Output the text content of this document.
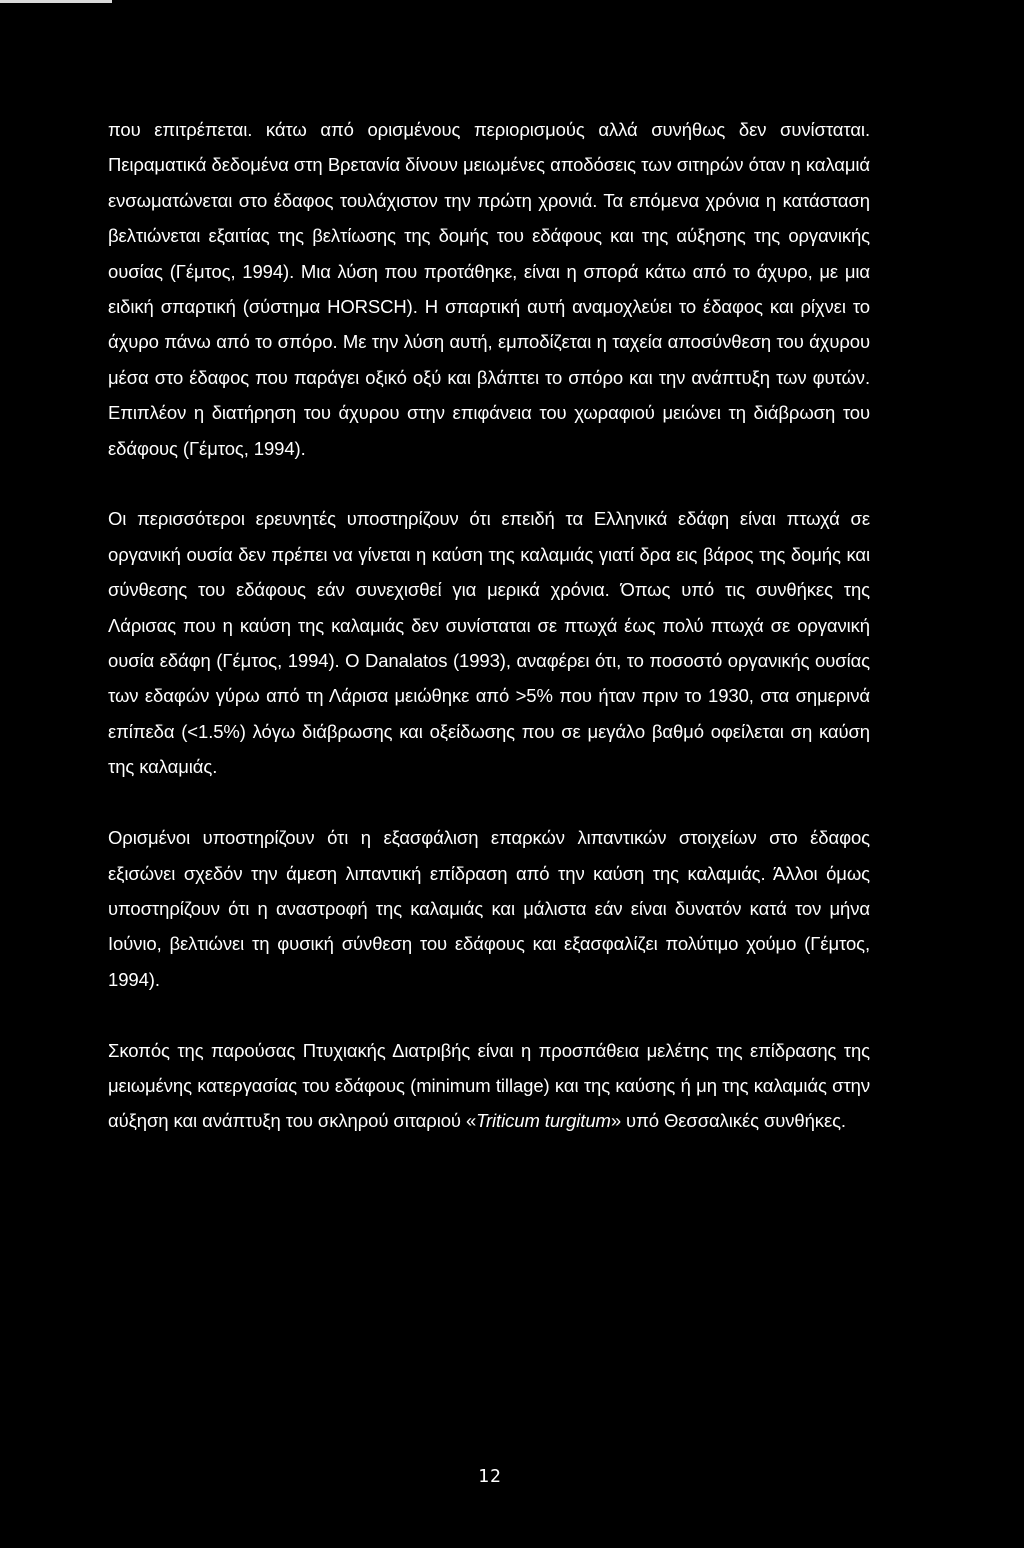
που επιτρέπεται. κάτω από ορισμένους περιορισμούς αλλά συνήθως δεν συνίσταται. Πειραματικά δεδομένα στη Βρετανία δίνουν μειωμένες αποδόσεις των σιτηρών όταν η καλαμιά ενσωματώνεται στο έδαφος τουλάχιστον την πρώτη χρονιά. Τα επόμενα χρόνια η κατάσταση βελτιώνεται εξαιτίας της βελτίωσης της δομής του εδάφους και της αύξησης της οργανικής ουσίας (Γέμτος, 1994). Μια λύση που προτάθηκε, είναι η σπορά κάτω από το άχυρο, με μια ειδική σπαρτική (σύστημα HORSCH). Η σπαρτική αυτή αναμοχλεύει το έδαφος και ρίχνει το άχυρο πάνω από το σπόρο. Με την λύση αυτή, εμποδίζεται η ταχεία αποσύνθεση του άχυρου μέσα στο έδαφος που παράγει οξικό οξύ και βλάπτει το σπόρο και την ανάπτυξη των φυτών. Επιπλέον η διατήρηση του άχυρου στην επιφάνεια του χωραφιού μειώνει τη διάβρωση του εδάφους (Γέμτος, 1994).

Οι περισσότεροι ερευνητές υποστηρίζουν ότι επειδή τα Ελληνικά εδάφη είναι πτωχά σε οργανική ουσία δεν πρέπει να γίνεται η καύση της καλαμιάς γιατί δρα εις βάρος της δομής και σύνθεσης του εδάφους εάν συνεχισθεί για μερικά χρόνια. Όπως υπό τις συνθήκες της Λάρισας που η καύση της καλαμιάς δεν συνίσταται σε πτωχά έως πολύ πτωχά σε οργανική ουσία εδάφη (Γέμτος, 1994). Ο Danalatos (1993), αναφέρει ότι, το ποσοστό οργανικής ουσίας των εδαφών γύρω από τη Λάρισα μειώθηκε από >5% που ήταν πριν το 1930, στα σημερινά επίπεδα (<1.5%) λόγω διάβρωσης και οξείδωσης που σε μεγάλο βαθμό οφείλεται ση καύση της καλαμιάς.

Ορισμένοι υποστηρίζουν ότι η εξασφάλιση επαρκών λιπαντικών στοιχείων στο έδαφος εξισώνει σχεδόν την άμεση λιπαντική επίδραση από την καύση της καλαμιάς. Άλλοι όμως υποστηρίζουν ότι η αναστροφή της καλαμιάς και μάλιστα εάν είναι δυνατόν κατά τον μήνα Ιούνιο, βελτιώνει τη φυσική σύνθεση του εδάφους και εξασφαλίζει πολύτιμο χούμο (Γέμτος, 1994).

Σκοπός της παρούσας Πτυχιακής Διατριβής είναι η προσπάθεια μελέτης της επίδρασης της μειωμένης κατεργασίας του εδάφους (minimum tillage) και της καύσης ή μη της καλαμιάς στην αύξηση και ανάπτυξη του σκληρού σιταριού «Triticum turgitum» υπό Θεσσαλικές συνθήκες.

12
